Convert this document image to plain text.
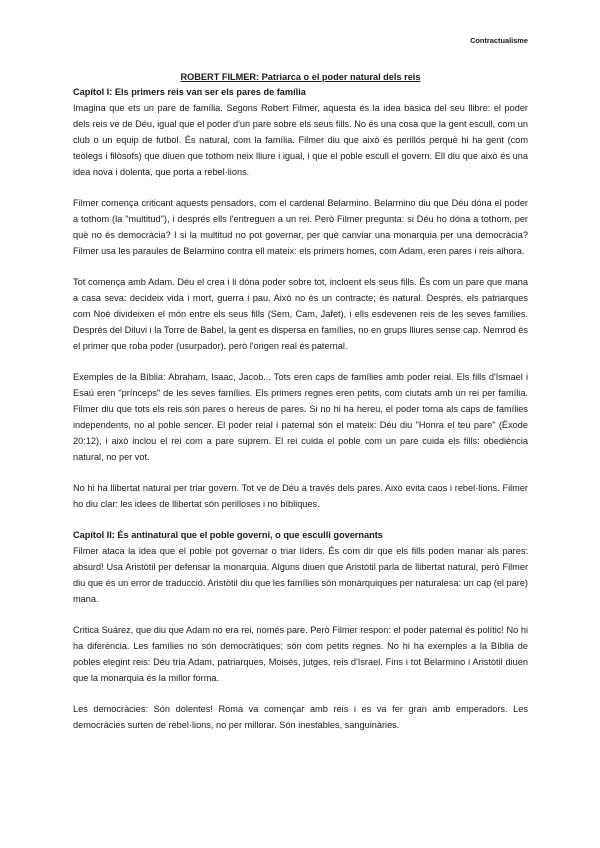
Contractualisme
ROBERT FILMER: Patriarca o el poder natural dels reis
Capítol I: Els primers reis van ser els pares de família

Imagina que ets un pare de família. Segons Robert Filmer, aquesta és la idea bàsica del seu llibre: el poder dels reis ve de Déu, igual que el poder d'un pare sobre els seus fills. No és una cosa que la gent escull, com un club o un equip de futbol. És natural, com la família. Filmer diu que això és perillós perquè hi ha gent (com teòlegs i filòsofs) que diuen que tothom neix lliure i igual, i que el poble escull el govern. Ell diu que això és una idea nova i dolenta, que porta a rebel·lions.

Filmer comença criticant aquests pensadors, com el cardenal Belarmino. Belarmino diu que Déu dóna el poder a tothom (la "multitud"), i després ells l'entreguen a un rei. Però Filmer pregunta: si Déu ho dóna a tothom, per què no és democràcia? I si la multitud no pot governar, per què canviar una monarquia per una democràcia? Filmer usa les paraules de Belarmino contra ell mateix: els primers homes, com Adam, eren pares i reis alhora.

Tot comença amb Adam. Déu el crea i li dóna poder sobre tot, incloent els seus fills. És com un pare que mana a casa seva: decideix vida i mort, guerra i pau. Això no és un contracte; és natural. Després, els patriarques com Noè divideixen el món entre els seus fills (Sem, Cam, Jafet), i ells esdevenen reis de les seves famílies. Després del Diluvi i la Torre de Babel, la gent es dispersa en famílies, no en grups lliures sense cap. Nemrod és el primer que roba poder (usurpador), però l'origen real és paternal.

Exemples de la Bíblia: Abraham, Isaac, Jacob... Tots eren caps de famílies amb poder reial. Els fills d'Ismael i Esaú eren "prínceps" de les seves famílies. Els primers regnes eren petits, com ciutats amb un rei per família. Filmer diu que tots els reis són pares o hereus de pares. Si no hi ha hereu, el poder torna als caps de famílies independents, no al poble sencer. El poder reial i paternal són el mateix: Déu diu "Honra el teu pare" (Èxode 20:12), i això inclou el rei com a pare suprem. El rei cuida el poble com un pare cuida els fills: obediència natural, no per vot.

No hi ha llibertat natural per triar govern. Tot ve de Déu a través dels pares. Això evita caos i rebel·lions. Filmer ho diu clar: les idees de llibertat són perilloses i no bíbliques.

Capítol II: És antinatural que el poble governi, o que esculli governants

Filmer ataca la idea que el poble pot governar o triar líders. És com dir que els fills poden manar als pares: absurd! Usa Aristòtil per defensar la monarquia. Alguns diuen que Aristòtil parla de llibertat natural, però Filmer diu que és un error de traducció. Aristòtil diu que les famílies són monàrquiques per naturalesa: un cap (el pare) mana.

Critica Suárez, que diu que Adam no era rei, només pare. Però Filmer respon: el poder paternal és polític! No hi ha diferència. Les famílies no són democràtiques; són com petits regnes. No hi ha exemples a la Bíblia de pobles elegint reis: Déu tria Adam, patriarques, Moisès, jutges, reis d'Israel. Fins i tot Belarmino i Aristòtil diuen que la monarquia és la millor forma.

Les democràcies: Són dolentes! Roma va començar amb reis i es va fer gran amb emperadors. Les democràcies surten de rebel·lions, no per millorar. Són inestables, sanguinàries.
